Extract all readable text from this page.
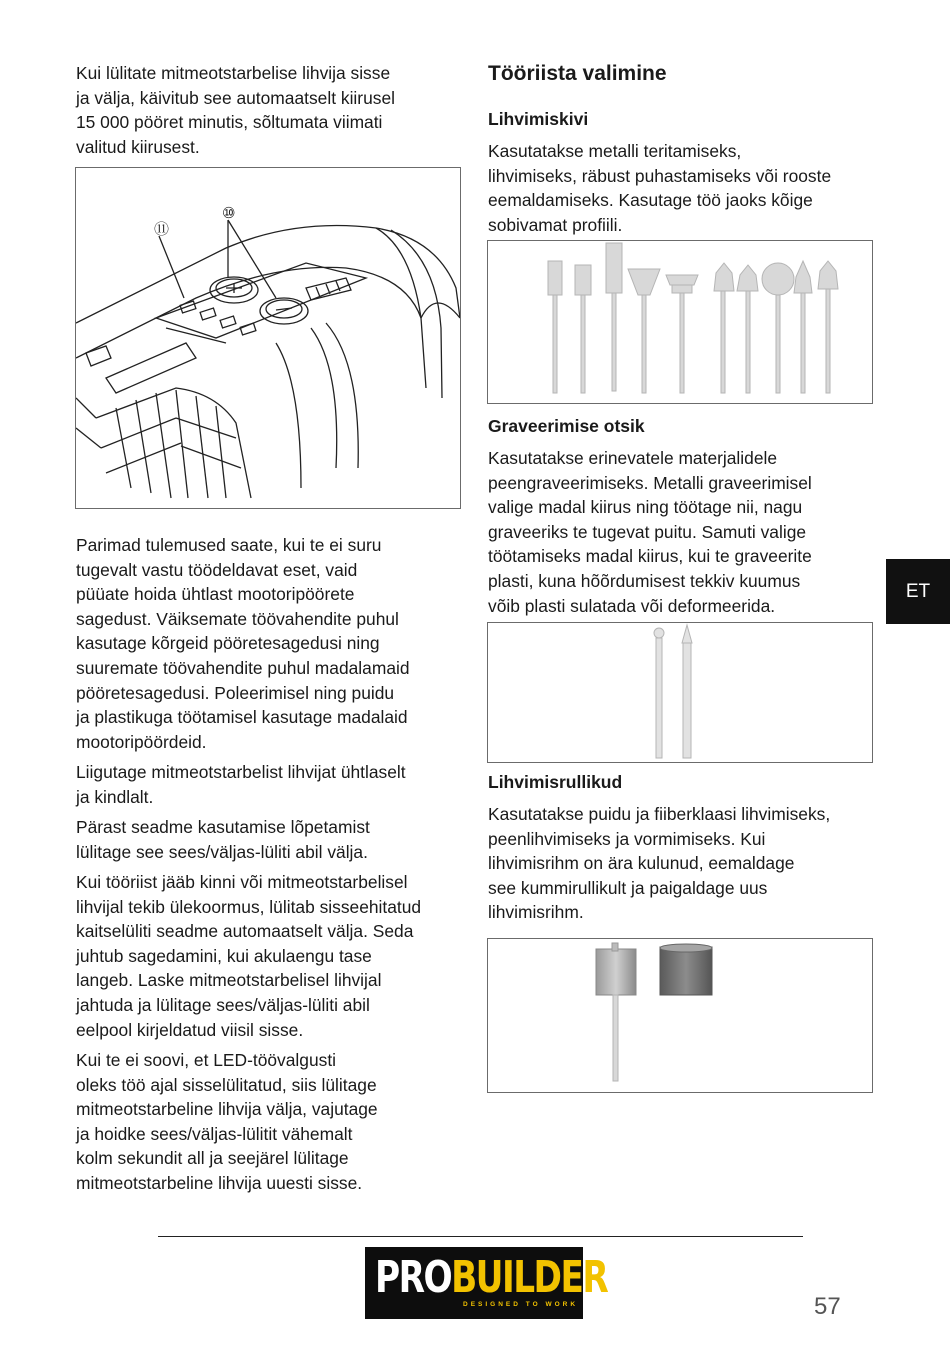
Kui lülitate mitmeotstarbelise lihvija sisse
ja välja, käivitub see automaatselt kiirusel
15 000 pööret minutis, sõltumata viimati
valitud kiirusest.

⑪
⑩

Parimad tulemused saate, kui te ei suru
tugevalt vastu töödeldavat eset, vaid
püüate hoida ühtlast mootoripöörete
sagedust. Väiksemate töövahendite puhul
kasutage kõrgeid pööretesagedusi ning
suuremate töövahendite puhul madalamaid
pööretesagedusi. Poleerimisel ning puidu
ja plastikuga töötamisel kasutage madalaid
mootoripöördeid.

Liigutage mitmeotstarbelist lihvijat ühtlaselt
ja kindlalt.

Pärast seadme kasutamise lõpetamist
lülitage see sees/väljas-lüliti abil välja.

Kui tööriist jääb kinni või mitmeotstarbelisel
lihvijal tekib ülekoormus, lülitab sisseehitatud
kaitselüliti seadme automaatselt välja. Seda
juhtub sagedamini, kui akulaengu tase
langeb. Laske mitmeotstarbelisel lihvijal
jahtuda ja lülitage sees/väljas-lüliti abil
eelpool kirjeldatud viisil sisse.

Kui te ei soovi, et LED-töövalgusti
oleks töö ajal sisselülitatud, siis lülitage
mitmeotstarbeline lihvija välja, vajutage
ja hoidke sees/väljas-lülitit vähemalt
kolm sekundit all ja seejärel lülitage
mitmeotstarbeline lihvija uuesti sisse.

Tööriista valimine
Lihvimiskivi

Kasutatakse metalli teritamiseks,
lihvimiseks, räbust puhastamiseks või rooste
eemaldamiseks. Kasutage töö jaoks kõige
sobivamat profiili.

Graveerimise otsik

Kasutatakse erinevatele materjalidele
peengraveerimiseks. Metalli graveerimisel
valige madal kiirus ning töötage nii, nagu
graveeriks te tugevat puitu. Samuti valige
töötamiseks madal kiirus, kui te graveerite
plasti, kuna hõõrdumisest tekkiv kuumus
võib plasti sulatada või deformeerida.

Lihvimisrullikud

Kasutatakse puidu ja fiiberklaasi lihvimiseks,
peenlihvimiseks ja vormimiseks. Kui
lihvimisrihm on ära kulunud, eemaldage
see kummirullikult ja paigaldage uus
lihvimisrihm.

ET
PROBUILDER
DESIGNED TO WORK	57
